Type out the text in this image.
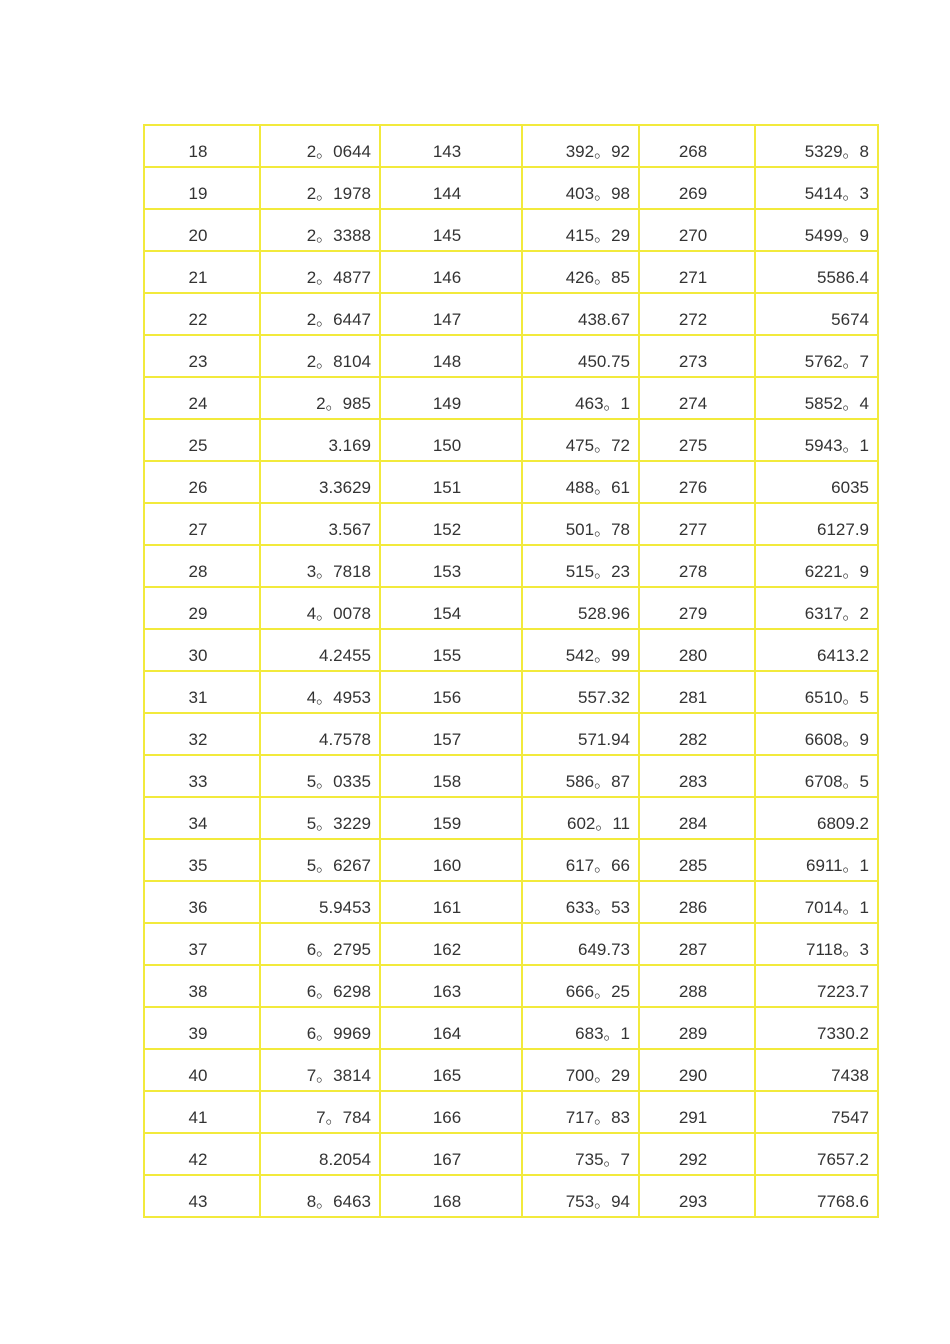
18	2。0644	143	392。92	268	5329。8
19	2。1978	144	403。98	269	5414。3
20	2。3388	145	415。29	270	5499。9
21	2。4877	146	426。85	271	5586.4
22	2。6447	147	438.67	272	5674
23	2。8104	148	450.75	273	5762。7
24	2。985	149	463。1	274	5852。4
25	3.169	150	475。72	275	5943。1
26	3.3629	151	488。61	276	6035
27	3.567	152	501。78	277	6127.9
28	3。7818	153	515。23	278	6221。9
29	4。0078	154	528.96	279	6317。2
30	4.2455	155	542。99	280	6413.2
31	4。4953	156	557.32	281	6510。5
32	4.7578	157	571.94	282	6608。9
33	5。0335	158	586。87	283	6708。5
34	5。3229	159	602。11	284	6809.2
35	5。6267	160	617。66	285	6911。1
36	5.9453	161	633。53	286	7014。1
37	6。2795	162	649.73	287	7118。3
38	6。6298	163	666。25	288	7223.7
39	6。9969	164	683。1	289	7330.2
40	7。3814	165	700。29	290	7438
41	7。784	166	717。83	291	7547
42	8.2054	167	735。7	292	7657.2
43	8。6463	168	753。94	293	7768.6
